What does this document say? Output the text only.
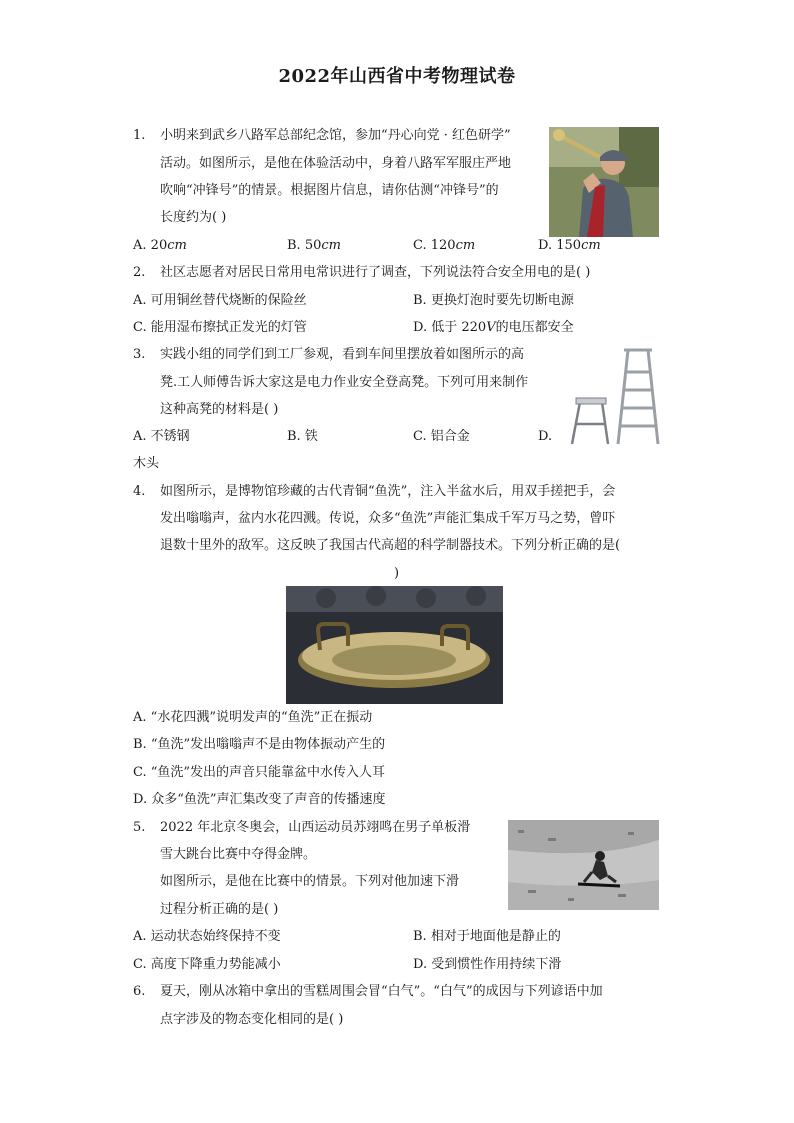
2022年山西省中考物理试卷
1. 小明来到武乡八路军总部纪念馆，参加“丹心向党 · 红色研学”
活动。如图所示，是他在体验活动中，身着八路军军服庄严地
吹响“冲锋号”的情景。根据图片信息，请你估测“冲锋号”的
长度约为( )
A. 20cm	B. 50cm	C. 120cm	D. 150cm
2. 社区志愿者对居民日常用电常识进行了调查，下列说法符合安全用电的是( )
A. 可用铜丝替代烧断的保险丝	B. 更换灯泡时要先切断电源
C. 能用湿布擦拭正发光的灯管	D. 低于 220V的电压都安全
3. 实践小组的同学们到工厂参观，看到车间里摆放着如图所示的高
凳.工人师傅告诉大家这是电力作业安全登高凳。下列可用来制作
这种高凳的材料是( )
A. 不锈钢	B. 铁	C. 铝合金	D.
木头
4. 如图所示，是博物馆珍藏的古代青铜“鱼洗”，注入半盆水后，用双手搓把手，会
发出嗡嗡声，盆内水花四溅。传说，众多“鱼洗”声能汇集成千军万马之势，曾吓
退数十里外的敌军。这反映了我国古代高超的科学制器技术。下列分析正确的是(
)
A. “水花四溅”说明发声的“鱼洗”正在振动
B. “鱼洗”发出嗡嗡声不是由物体振动产生的
C. “鱼洗”发出的声音只能靠盆中水传入人耳
D. 众多“鱼洗”声汇集改变了声音的传播速度
5. 2022 年北京冬奥会，山西运动员苏翊鸣在男子单板滑
雪大跳台比赛中夺得金牌。
如图所示，是他在比赛中的情景。下列对他加速下滑
过程分析正确的是( )
A. 运动状态始终保持不变	B. 相对于地面他是静止的
C. 高度下降重力势能减小	D. 受到惯性作用持续下滑
6. 夏天，刚从冰箱中拿出的雪糕周围会冒“白气”。“白气”的成因与下列谚语中加
点字涉及的物态变化相同的是( )
